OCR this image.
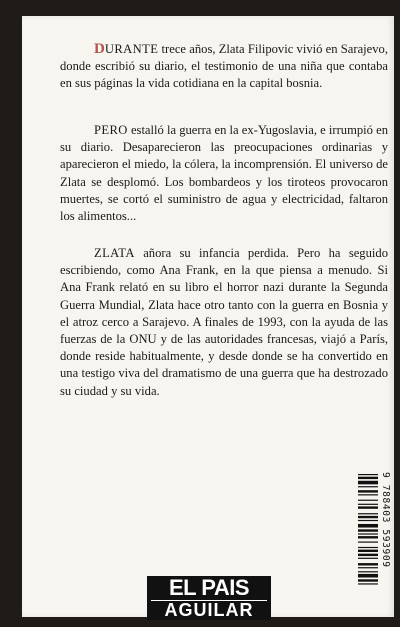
DURANTE trece años, Zlata Filipovic vivió en Sarajevo, donde escribió su diario, el testimonio de una niña que contaba en sus páginas la vida cotidiana en la capital bosnia.

PERO estalló la guerra en la ex-Yugoslavia, e irrumpió en su diario. Desaparecieron las preocupaciones ordinarias y aparecieron el miedo, la cólera, la incomprensión. El universo de Zlata se desplomó. Los bombardeos y los tiroteos provocaron muertes, se cortó el suministro de agua y electricidad, faltaron los alimentos...

ZLATA añora su infancia perdida. Pero ha seguido escribiendo, como Ana Frank, en la que piensa a menudo. Si Ana Frank relató en su libro el horror nazi durante la Segunda Guerra Mundial, Zlata hace otro tanto con la guerra en Bosnia y el atroz cerco a Sarajevo. A finales de 1993, con la ayuda de las fuerzas de la ONU y de las autoridades francesas, viajó a París, donde reside habitualmente, y desde donde se ha convertido en una testigo viva del dramatismo de una guerra que ha destrozado su ciudad y su vida.

9 788403 593909
EL PAIS
AGUILAR
